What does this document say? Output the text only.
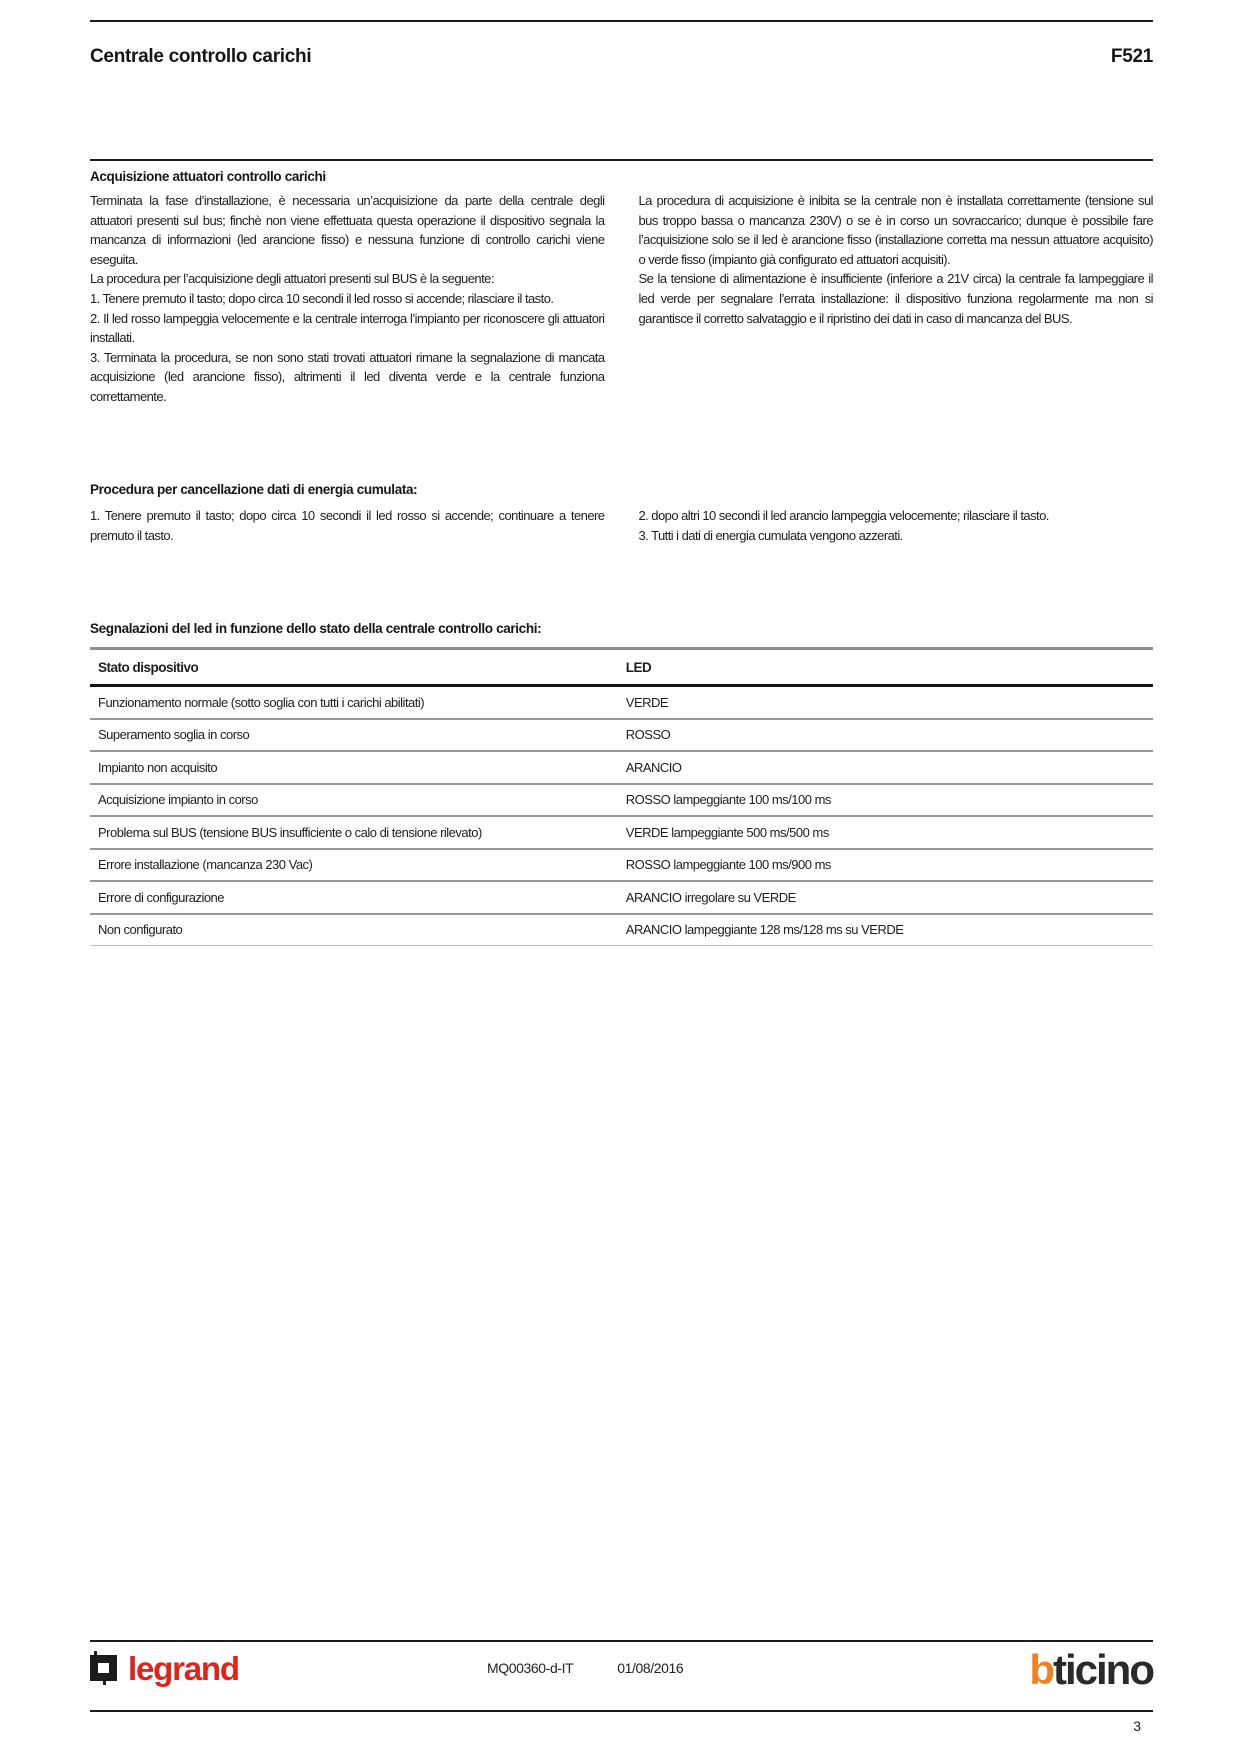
Centrale controllo carichi	F521
Acquisizione attuatori controllo carichi

Terminata la fase d’installazione, è necessaria un’acquisizione da parte della centrale degli attuatori presenti sul bus; finchè non viene effettuata questa operazione il dispositivo segnala la mancanza di informazioni (led arancione fisso) e nessuna funzione di controllo carichi viene eseguita.

La procedura per l’acquisizione degli attuatori presenti sul BUS è la seguente:

1. Tenere premuto il tasto; dopo circa 10 secondi il led rosso si accende; rilasciare il tasto.

2. Il led rosso lampeggia velocemente e la centrale interroga l’impianto per riconoscere gli attuatori installati.

3. Terminata la procedura, se non sono stati trovati attuatori rimane la segnalazione di mancata acquisizione (led arancione fisso), altrimenti il led diventa verde e la centrale funziona correttamente.

La procedura di acquisizione è inibita se la centrale non è installata correttamente (tensione sul bus troppo bassa o mancanza 230V) o se è in corso un sovraccarico; dunque è possibile fare l’acquisizione solo se il led è arancione fisso (installazione corretta ma nessun attuatore acquisito) o verde fisso (impianto già configurato ed attuatori acquisiti).

Se la tensione di alimentazione è insufficiente (inferiore a 21V circa) la centrale fa lampeggiare il led verde per segnalare l’errata installazione: il dispositivo funziona regolarmente ma non si garantisce il corretto salvataggio e il ripristino dei dati in caso di mancanza del BUS.

Procedura per cancellazione dati di energia cumulata:

1. Tenere premuto il tasto; dopo circa 10 secondi il led rosso si accende; continuare a tenere premuto il tasto.

2. dopo altri 10 secondi il led arancio lampeggia velocemente; rilasciare il tasto.

3. Tutti i dati di energia cumulata vengono azzerati.

Segnalazioni del led in funzione dello stato della centrale controllo carichi:
Stato dispositivo	LED
Funzionamento normale (sotto soglia con tutti i carichi abilitati)	VERDE
Superamento soglia in corso	ROSSO
Impianto non acquisito	ARANCIO
Acquisizione impianto in corso	ROSSO lampeggiante 100 ms/100 ms
Problema sul BUS (tensione BUS insufficiente o calo di tensione rilevato)	VERDE lampeggiante 500 ms/500 ms
Errore installazione (mancanza 230 Vac)	ROSSO lampeggiante 100 ms/900 ms
Errore di configurazione	ARANCIO irregolare su VERDE
Non configurato	ARANCIO lampeggiante 128 ms/128 ms su VERDE
legrand	MQ00360-d-IT	01/08/2016	bticino
3
